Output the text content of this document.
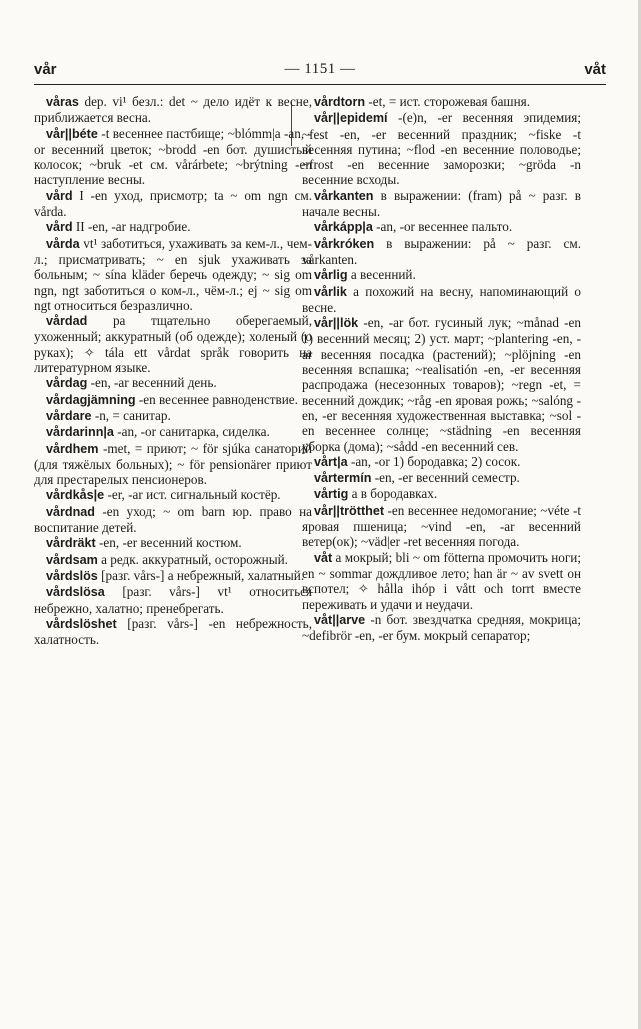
vår	— 1151 —	våt

våras dep. vi¹ безл.: det ~ дело идёт к весне, приближается весна.

vår||béte -t весеннее пастбище; ~blómm|a -an, -or весенний цветок; ~brodd -en бот. душистый колосок; ~bruk -et см. vårárbete; ~brýtning -en наступление весны.

vård I -en уход, присмотр; ta ~ om ngn см. vårda.

vård II -en, -ar надгробие.

vårda vt¹ заботиться, ухаживать за кем-л., чем-л.; присматривать; ~ en sjuk ухаживать за больным; ~ sína kläder беречь одежду; ~ sig om ngn, ngt заботиться о ком-л., чём-л.; ej ~ sig om ngt относиться безразлично.

vårdad pa тщательно оберегаемый, ухоженный; аккуратный (об одежде); холеный (о руках); ✧ tála ett vårdat språk говорить на литературном языке.

vårdag -en, -ar весенний день.

vårdagjämning -en весеннее равноденствие.

vårdare -n, = санитар.

vårdarinn|a -an, -or санитарка, сиделка.

vårdhem -met, = приют; ~ för sjúka санаторий (для тяжёлых больных); ~ för pensionärer приют для престарелых пенсионеров.

vårdkås|e -er, -ar ист. сигнальный костёр.

vårdnad -en уход; ~ om barn юр. право на воспитание детей.

vårdräkt -en, -er весенний костюм.

vårdsam a редк. аккуратный, осторожный.

vårdslös [разг. vårs-] a небрежный, халатный.

vårdslösa [разг. vårs-] vt¹ относиться небрежно, халатно; пренебрегать.

vårdslöshet [разг. vårs-] -en небрежность, халатность.

vårdtorn -et, = ист. сторожевая башня.

vår||epidemí -(e)n, -er весенняя эпидемия; ~fest -en, -er весенний праздник; ~fiske -t весенняя путина; ~flod -en весенние половодье; ~frost -en весенние заморозки; ~gröda -n весенние всходы.

vårkanten в выражении: (fram) på ~ разг. в начале весны.

vårkápp|a -an, -or весеннее пальто.

vårkróken в выражении: på ~ разг. см. vårkanten.

vårlig a весенний.

vårlik a похожий на весну, напоминающий о весне.

vår||lök -en, -ar бот. гусиный лук; ~månad -en 1) весенний месяц; 2) уст. март; ~plantering -en, -ar весенняя посадка (растений); ~plöjning -en весенняя вспашка; ~realisatión -en, -er весенняя распродажа (несезонных товаров); ~regn -et, = весенний дождик; ~råg -en яровая рожь; ~salóng -en, -er весенняя художественная выставка; ~sol -en весеннее солнце; ~städning -en весенняя уборка (дома); ~sådd -en весенний сев.

vårt|a -an, -or 1) бородавка; 2) сосок.

vårtermín -en, -er весенний семестр.

vårtig a в бородавках.

vår||trötthet -en весеннее недомогание; ~véte -t яровая пшеница; ~vind -en, -ar весенний ветер(ок); ~väd|er -ret весенняя погода.

våt a мокрый; bli ~ om fötterna промочить ноги; en ~ sommar дождливое лето; han är ~ av svett он вспотел; ✧ hålla ihóp i vått och torrt вместе переживать и удачи и неудачи.

våt||arve -n бот. звездчатка средняя, мокрица; ~defibrör -en, -er бум. мокрый сепаратор;
